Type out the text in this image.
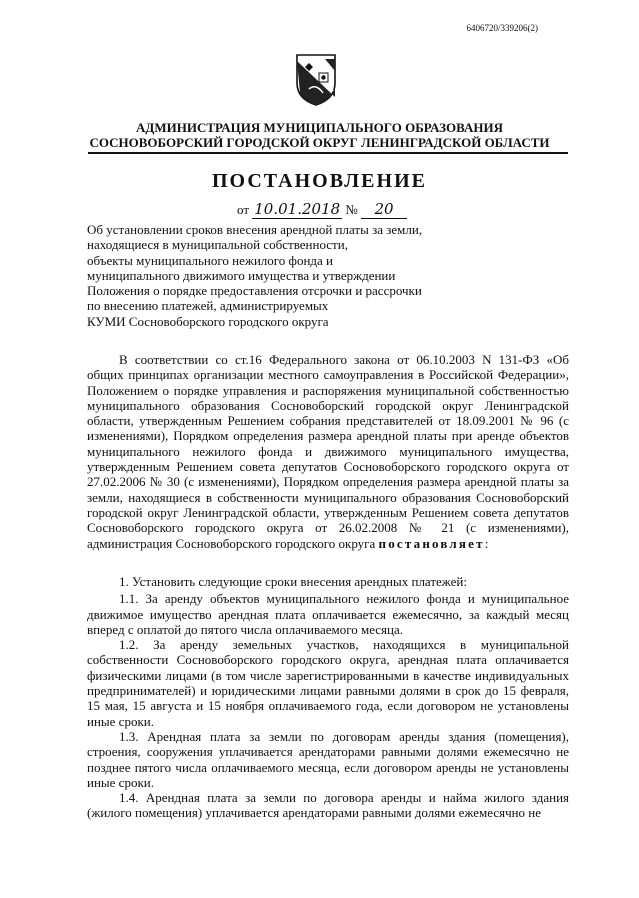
6406720/339206(2)
АДМИНИСТРАЦИЯ МУНИЦИПАЛЬНОГО ОБРАЗОВАНИЯ
СОСНОВОБОРСКИЙ ГОРОДСКОЙ ОКРУГ ЛЕНИНГРАДСКОЙ ОБЛАСТИ
ПОСТАНОВЛЕНИЕ
от 10.01.2018 № 20
Об установлении сроков внесения арендной платы за земли,
находящиеся в муниципальной собственности,
объекты муниципального нежилого фонда и
муниципального движимого имущества и утверждении
Положения о порядке предоставления отсрочки и рассрочки
по внесению платежей, администрируемых
КУМИ Сосновоборского городского округа
В соответствии со ст.16 Федерального закона от 06.10.2003 N 131-ФЗ «Об общих принципах организации местного самоуправления в Российской Федерации», Положением о порядке управления и распоряжения муниципальной собственностью муниципального образования Сосновоборский городской округ Ленинградской области, утвержденным Решением собрания представителей от 18.09.2001 № 96 (с изменениями), Порядком определения размера арендной платы при аренде объектов муниципального нежилого фонда и движимого муниципального имущества, утвержденным Решением совета депутатов Сосновоборского городского округа от 27.02.2006 № 30 (с изменениями), Порядком определения размера арендной платы за земли, находящиеся в собственности муниципального образования Сосновоборский городской округ Ленинградской области, утвержденным Решением совета депутатов Сосновоборского городского округа от 26.02.2008 № 21 (с изменениями), администрация Сосновоборского городского округа постановляет:

1. Установить следующие сроки внесения арендных платежей:

1.1. За аренду объектов муниципального нежилого фонда и муниципальное движимое имущество арендная плата оплачивается ежемесячно, за каждый месяц вперед с оплатой до пятого числа оплачиваемого месяца.

1.2. За аренду земельных участков, находящихся в муниципальной собственности Сосновоборского городского округа, арендная плата оплачивается физическими лицами (в том числе зарегистрированными в качестве индивидуальных предпринимателей) и юридическими лицами равными долями в срок до 15 февраля, 15 мая, 15 августа и 15 ноября оплачиваемого года, если договором не установлены иные сроки.

1.3. Арендная плата за земли по договорам аренды здания (помещения), строения, сооружения уплачивается арендаторами равными долями ежемесячно не позднее пятого числа оплачиваемого месяца, если договором аренды не установлены иные сроки.

1.4. Арендная плата за земли по договора аренды и найма жилого здания (жилого помещения) уплачивается арендаторами равными долями ежемесячно не
